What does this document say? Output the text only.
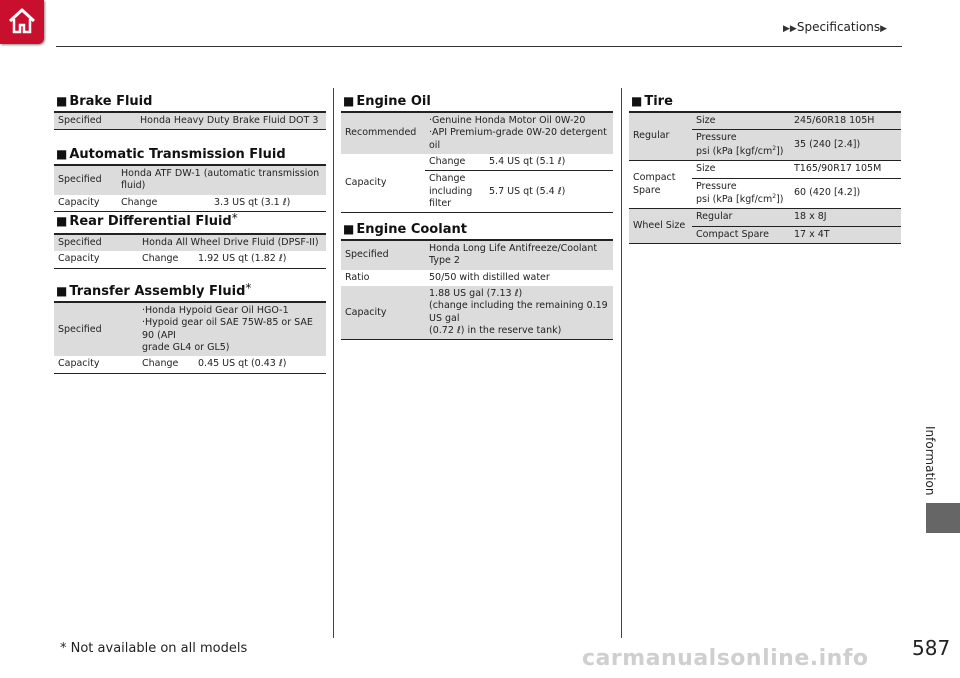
▶▶Specifications▶
Information
■ Brake Fluid
Specified	Honda Heavy Duty Brake Fluid DOT 3
■ Automatic Transmission Fluid
Specified	Honda ATF DW-1 (automatic transmission fluid)	
Capacity	Change	3.3 US qt (3.1 ℓ)
■ Rear Differential Fluid*
Specified	Honda All Wheel Drive Fluid (DPSF-II)	
Capacity	Change	1.92 US qt (1.82 ℓ)
■ Transfer Assembly Fluid*
Specified	·Honda Hypoid Gear Oil HGO-1
·Hypoid gear oil SAE 75W-85 or SAE 90 (API
grade GL4 or GL5)	
Capacity	Change	0.45 US qt (0.43 ℓ)
■ Engine Oil
Recommended	·Genuine Honda Motor Oil 0W-20
·API Premium-grade 0W-20 detergent oil	
Capacity	Change	5.4 US qt (5.1 ℓ)
	Change
including
filter	5.7 US qt (5.4 ℓ)
■ Engine Coolant
Specified	Honda Long Life Antifreeze/Coolant Type 2
Ratio	50/50 with distilled water
Capacity	1.88 US gal (7.13 ℓ)
(change including the remaining 0.19 US gal
(0.72 ℓ) in the reserve tank)
■ Tire
Regular	Size	245/60R18 105H
	Pressure
psi (kPa $[kgf/cm^2]$)	35 (240 [2.4])
Compact
Spare	Size	T165/90R17 105M
	Pressure
psi (kPa $[kgf/cm^2]$)	60 (420 [4.2])
Wheel Size	Regular	18 x 8J
	Compact Spare	17 x 4T
* Not available on all models	carmanualsonline.info 587
